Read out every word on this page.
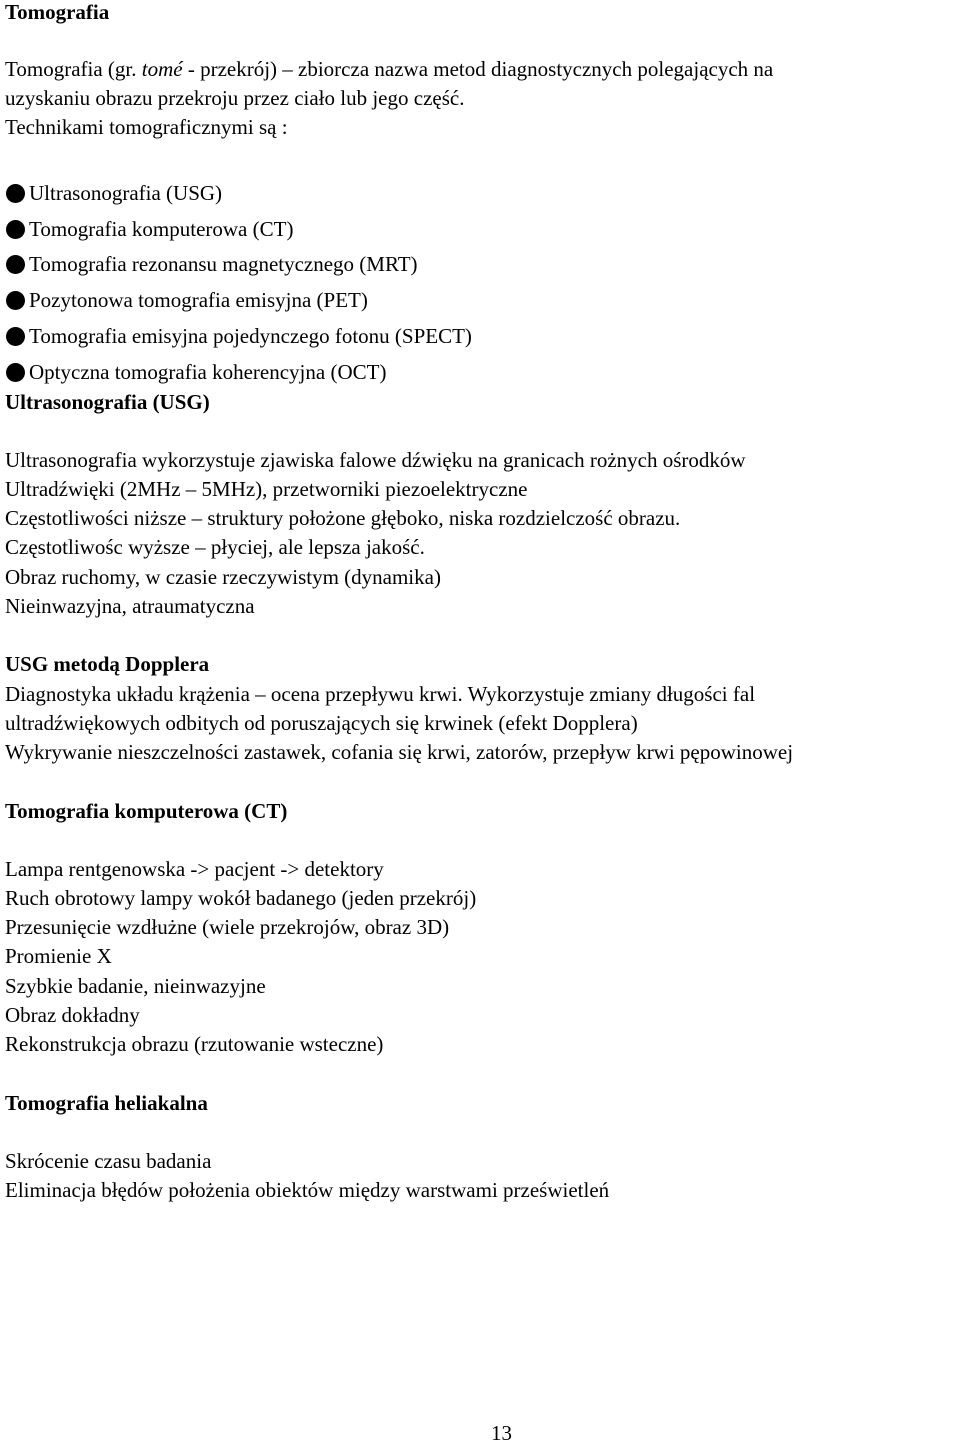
Tomografia
Tomografia (gr. tomé - przekrój) – zbiorcza nazwa metod diagnostycznych polegających na
uzyskaniu obrazu przekroju przez ciało lub jego część.
Technikami tomograficznymi są :
Ultrasonografia (USG)
Tomografia komputerowa (CT)
Tomografia rezonansu magnetycznego (MRT)
Pozytonowa tomografia emisyjna (PET)
Tomografia emisyjna pojedynczego fotonu (SPECT)
Optyczna tomografia koherencyjna (OCT)
Ultrasonografia (USG)
Ultrasonografia wykorzystuje zjawiska falowe dźwięku na granicach rożnych ośrodków
Ultradźwięki (2MHz – 5MHz), przetworniki piezoelektryczne
Częstotliwości niższe – struktury położone głęboko, niska rozdzielczość obrazu.
Częstotliwośc wyższe – płyciej, ale lepsza jakość.
Obraz ruchomy, w czasie rzeczywistym (dynamika)
Nieinwazyjna, atraumatyczna
USG metodą Dopplera
Diagnostyka układu krążenia – ocena przepływu krwi. Wykorzystuje zmiany długości fal
ultradźwiękowych odbitych od poruszających się krwinek (efekt Dopplera)
Wykrywanie nieszczelności zastawek, cofania się krwi, zatorów, przepływ krwi pępowinowej
Tomografia komputerowa (CT)
Lampa rentgenowska -> pacjent -> detektory
Ruch obrotowy lampy wokół badanego (jeden przekrój)
Przesunięcie wzdłużne (wiele przekrojów, obraz 3D)
Promienie X
Szybkie badanie, nieinwazyjne
Obraz dokładny
Rekonstrukcja obrazu (rzutowanie wsteczne)
Tomografia heliakalna
Skrócenie czasu badania
Eliminacja błędów położenia obiektów między warstwami prześwietleń
13
